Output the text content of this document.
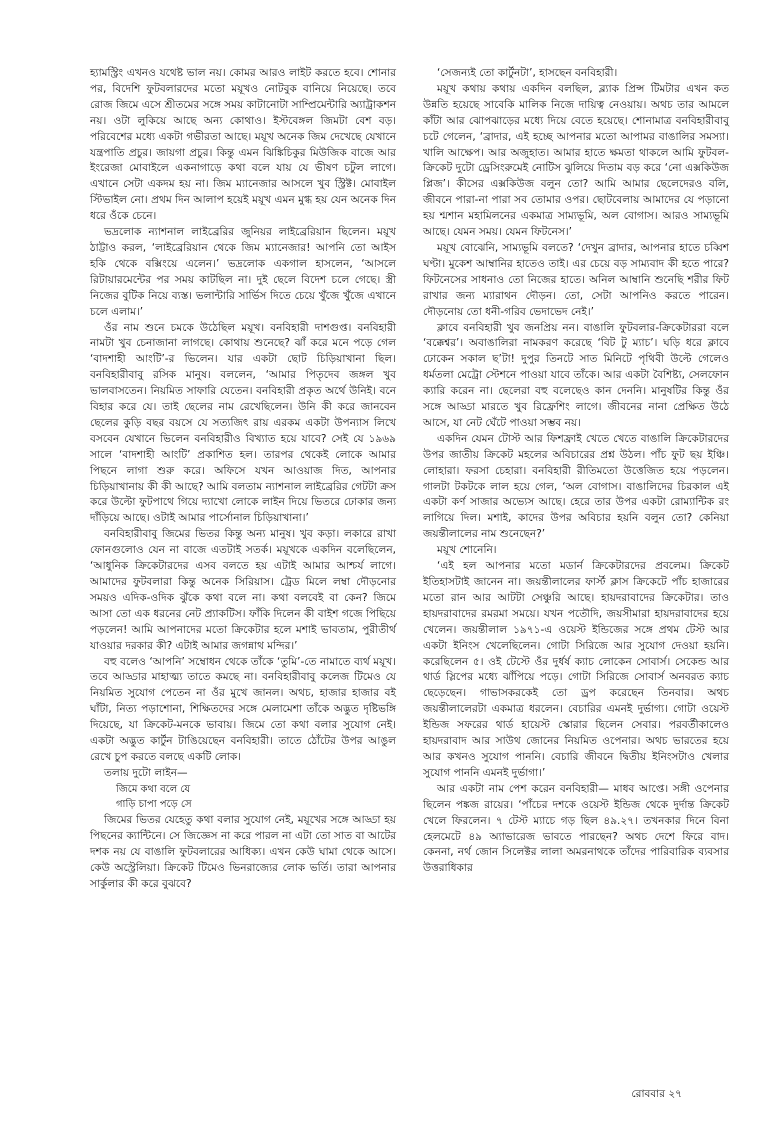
হ্যামস্ট্রিং এখনও যথেষ্ট ভাল নয়। কোমর আরও লাইট করতে হবে। শোনার পর, বিদেশি ফুটবলারদের মতো ময়ূখও নোটবুক বানিয়ে নিয়েছে। তবে রোজ জিমে এসে শ্রীতমের সঙ্গে সময় কাটানোটা সাম্প্রিমেন্টারি অ্যাট্রাকশন নয়। ওটা লুকিয়ে আছে অন্য কোথাও। ইস্টবেঙ্গল জিমটা বেশ বড়। পরিবেশের মধ্যে একটা গভীরতা আছে। ময়ূখ অনেক জিম দেখেছে যেখানে যন্ত্রপাতি প্রচুর। জায়গা প্রচুর। কিন্তু এমন ঝিঙ্কিচিকুর মিউজিক বাজে আর ইংরেজা মোবাইলে একনাগাড়ে কথা বলে যায় যে ভীষণ চটুল লাগে। এখানে সেটা একদম হয় না। জিম ম্যানেজার আসলে খুব স্ট্রিক্ট। মোবাইল স্টিভাইল নো। প্রথম দিন আলাপ হয়েই ময়ূখ এমন মুগ্ধ হয় যেন অনেক দিন ধরে ওঁকে চেনে।

ভদ্রলোক ন্যাশনাল লাইব্রেরির জুনিয়র লাইব্রেরিয়ান ছিলেন। ময়ূখ ঠাট্টাও করল, ‘লাইব্রেরিয়ান থেকে জিম ম্যানেজার! আপনি তো আইস হকি থেকে বক্সিংয়ে এলেন।’ ভদ্রলোক একগাল হাসলেন, ‘আসলে রিটায়ারমেন্টের পর সময় কাটছিল না। দুই ছেলে বিদেশ চলে গেছে। স্ত্রী নিজের বুটিক নিয়ে ব্যস্ত। ভলান্টারি সার্ভিস দিতে চেয়ে খুঁজে খুঁজে এখানে চলে এলাম।’

ওঁর নাম শুনে চমকে উঠেছিল ময়ূখ। বনবিহারী দাশগুপ্ত। বনবিহারী নামটা খুব চেনাজানা লাগছে। কোথায় শুনেছে? ঝাঁ করে মনে পড়ে গেল ‘বাদশাহী আংটি’-র ভিলেন। যার একটা ছোট চিড়িয়াখানা ছিল। বনবিহারীবাবু রসিক মানুষ। বললেন, ‘আমার পিতৃদেব জঙ্গল খুব ভালবাসতেন। নিয়মিত সাফারি যেতেন। বনবিহারী প্রকৃত অর্থে উনিই। বনে বিহার করে যে। তাই ছেলের নাম রেখেছিলেন। উনি কী করে জানবেন ছেলের কুড়ি বছর বয়সে যে সত্যজিৎ রায় এরকম একটা উপন্যাস লিখে বসবেন যেখানে ভিলেন বনবিহারীও বিখ্যাত হয়ে যাবে? সেই যে ১৯৬৯ সালে ‘বাদশাহী আংটি’ প্রকাশিত হল। তারপর থেকেই লোকে আমার পিছনে লাগা শুরু করে। অফিসে যখন আওয়াজ দিত, আপনার চিড়িয়াখানায় কী কী আছে? আমি বলতাম ন্যাশনাল লাইব্রেরির গেটটা ক্রস করে উল্টো ফুটপাথে গিয়ে দ্যাখো লোকে লাইন দিয়ে ভিতরে ঢোকার জন্য দাঁড়িয়ে আছে। ওটাই আমার পার্সোনাল চিড়িয়াখানা।’

বনবিহারীবাবু জিমের ভিতর কিন্তু অন্য মানুষ। খুব কড়া। লকারে রাখা ফোনগুলোও যেন না বাজে এতটাই সতর্ক। ময়ূখকে একদিন বলেছিলেন, ‘আধুনিক ক্রিকেটারদের এসব বলতে হয় এটাই আমার আশ্চর্য লাগে। আমাদের ফুটবলারা কিন্তু অনেক সিরিয়াস। ট্রেড মিলে লম্বা দৌড়নোর সময়ও এদিক-ওদিক ঝুঁকে কথা বলে না। কথা বলবেই বা কেন? জিমে আসা তো এক ধরনের নেট প্র্যাকটিস। ফাঁকি দিলেন কী বাইশ গজে পিছিয়ে পড়লেন! আমি আপনাদের মতো ক্রিকেটার হলে মশাই ভাবতাম, পুরীতীর্থ যাওয়ার দরকার কী? এটাই আমার জগন্নাথ মন্দির।’

বহু বলেও ‘আপনি’ সম্বোধন থেকে তাঁকে ‘তুমি’-তে নামাতে ব্যর্থ ময়ূখ। তবে আড্ডার মাহাত্ম্য তাতে কমছে না। বনবিহারীবাবু কলেজ টিমেও যে নিয়মিত সুযোগ পেতেন না ওঁর মুখে জানল। অথচ, হাজার হাজার বই ঘাঁটা, নিত্য পড়াশোনা, শিক্ষিতদের সঙ্গে মেলামেশা তাঁকে অদ্ভুত দৃষ্টিভঙ্গি দিয়েছে, যা ক্রিকেট-মনকে ভাবায়। জিমে তো কথা বলার সুযোগ নেই। একটা অদ্ভুত কার্টুন টাঙিয়েছেন বনবিহারী। তাতে ঠোঁটের উপর আঙুল রেখে চুপ করতে বলছে একটি লোক।

তলায় দুটো লাইন—

জিমে কথা বলে যে

গাড়ি চাপা পড়ে সে

জিমের ভিতর যেহেতু কথা বলার সুযোগ নেই, ময়ূখের সঙ্গে আড্ডা হয় পিছনের ক্যান্টিনে। সে জিজ্ঞেস না করে পারল না এটা তো সাত বা আটের দশক নয় যে বাঙালি ফুটবলারের আধিক্য। এখন কেউ ঘামা থেকে আসে। কেউ অস্ট্রেলিয়া। ক্রিকেট টিমেও ভিনরাজ্যের লোক ভর্তি। তারা আপনার সার্কুলার কী করে বুঝবে?

‘সেজন্যই তো কার্টুনটা’, হাসছেন বনবিহারী।

ময়ূখ কথায় কথায় একদিন বলছিল, ব্ল্যাক প্রিন্স টিমটার এখন কত উন্নতি হয়েছে সাবেকি মালিক নিজে দায়িত্ব নেওয়ায়। অথচ তার আমলে কাঁটা আর ঝোপঝাড়ের মধ্যে দিয়ে বেতে হয়েছে। শোনামাত্র বনবিহারীবাবু চটে গেলেন, ‘ব্রাদার, এই হচ্ছে আপনার মতো আপামর বাঙালির সমস্যা। খালি আক্ষেপ। আর অজুহাত। আমার হাতে ক্ষমতা থাকলে আমি ফুটবল-ক্রিকেট দুটো ড্রেসিংরুমেই নোটিস ঝুলিয়ে দিতাম বড় করে ‘নো এক্সকিউজ প্লিজ’। কীসের এক্সকিউজ বলুন তো? আমি আমার ছেলেদেরও বলি, জীবনে পারা-না পারা সব তোমার ওপর। ছোটবেলায় আমাদের যে পড়ানো হয় শ্মশান মহামিলনের একমাত্র সাম্যভূমি, অল বোগাস। আরও সাম্যভূমি আছে। যেমন সময়। যেমন ফিটনেস।’

ময়ূখ বোঝেনি, সাম্যভূমি বলতে? ‘দেখুন ব্রাদার, আপনার হাতে চব্বিশ ঘণ্টা। মুকেশ আম্বানির হাতেও তাই। এর চেয়ে বড় সাম্যবাদ কী হতে পারে? ফিটনেসের সাধনাও তো নিজের হাতে। অনিল আম্বানি শুনেছি শরীর ফিট রাখার জন্য ম্যারাথন দৌড়ন। তো, সেটা আপনিও করতে পারেন। দৌড়নোয় তো ধনী-গরিব ভেদাভেদ নেই।’

ক্লাবে বনবিহারী খুব জনপ্রিয় নন। বাঙালি ফুটবলার-ক্রিকেটাররা বলে ‘বক্কেশ্বর’। অবাঙালিরা নামকরণ করেছে ‘বিট টু ম্যাচ’। ঘড়ি ধরে ক্লাবে ঢোকেন সকাল ছ’টা! দুপুর তিনটে সাত মিনিটে পৃথিবী উল্টে গেলেও ধর্মতলা মেট্রো স্টেশনে পাওয়া যাবে তাঁকে। আর একটা বৈশিষ্ট্য, সেলফোন ক্যারি করেন না। ছেলেরা বহু বলেছেও কান দেননি। মানুষটির কিন্তু ওঁর সঙ্গে আড্ডা মারতে খুব রিফ্রেশিং লাগে। জীবনের নানা প্রেক্ষিত উঠে আসে, যা নেট ঘেঁটে পাওয়া সম্ভব নয়।

একদিন যেমন টোস্ট আর ফিশফ্রাই খেতে খেতে বাঙালি ক্রিকেটারদের উপর জাতীয় ক্রিকেট মহলের অবিচারের প্রশ্ন উঠল। পাঁচ ফুট ছয় ইঞ্চি। লোহারা। ফরসা চেহারা। বনবিহারী রীতিমতো উত্তেজিত হয়ে পড়লেন। গালটা টকটকে লাল হয়ে গেল, ‘অল বোগাস। বাঙালিদের চিরকাল এই একটা কর্ণ সাজার অভ্যেস আছে। হেরে তার উপর একটা রোম্যান্টিক রং লাগিয়ে দিল। মশাই, কাদের উপর অবিচার হয়নি বলুন তো? কেনিয়া জয়ন্তীলালের নাম শুনেছেন?’

ময়ূখ শোনেনি।

‘এই হল আপনার মতো মডার্ন ক্রিকেটারদের প্রবলেম। ক্রিকেট ইতিহাসটাই জানেন না। জয়ন্তীলালের ফার্স্ট ক্লাস ক্রিকেটে পাঁচ হাজারের মতো রান আর আটটা সেঞ্চুরি আছে। হায়দরাবাদের ক্রিকেটার। তাও হায়দরাবাদের রমরমা সময়ে। যখন পতৌদি, জয়সীমারা হায়দরাবাদের হয়ে খেলেন। জয়ন্তীলাল ১৯৭১-এ ওয়েস্ট ইন্ডিজের সঙ্গে প্রথম টেস্ট আর একটা ইনিংস খেলেছিলেন। গোটা সিরিজে আর সুযোগ দেওয়া হয়নি। করেছিলেন ৫। ওই টেস্টে ওঁর দুর্ধর্ষ ক্যাচ লোকেন সোবার্স। সেকেন্ড আর থার্ড স্লিপের মধ্যে ঝাঁপিয়ে পড়ে। গোটা সিরিজে সোবার্স অনবরত ক্যাচ ছেড়েছেন। গাভাসকরকেই তো ড্রপ করেছেন তিনবার। অথচ জয়ন্তীলালেরটা একমাত্র ধরলেন। বেচারির এমনই দুর্ভাগ্য। গোটা ওয়েস্ট ইন্ডিজ সফরের থার্ড হায়েস্ট স্কোরার ছিলেন সেবার। পরবর্তীকালেও হায়দরাবাদ আর সাউথ জোনের নিয়মিত ওপেনার। অথচ ভারতের হয়ে আর কখনও সুযোগ পাননি। বেচারি জীবনে দ্বিতীয় ইনিংসটাও খেলার সুযোগ পাননি এমনই দুর্ভাগা।’

আর একটা নাম পেশ করেন বনবিহারী— মাধব আপ্তে। সঙ্গী ওপেনার ছিলেন পঙ্কজ রায়ের। ‘পাঁচের দশকে ওয়েস্ট ইন্ডিজ থেকে দুর্দান্ত ক্রিকেট খেলে ফিরলেন। ৭ টেস্ট ম্যাচে গড় ছিল ৪৯.২৭। তখনকার দিনে বিনা হেলমেটে ৪৯ অ্যাভারেজ ভাবতে পারছেন? অথচ দেশে ফিরে বাদ। কেননা, নর্থ জোন সিলেক্টর লালা অমরনাথকে তাঁদের পারিবারিক ব্যবসার উত্তরাধিকার

রোববার ২৭
